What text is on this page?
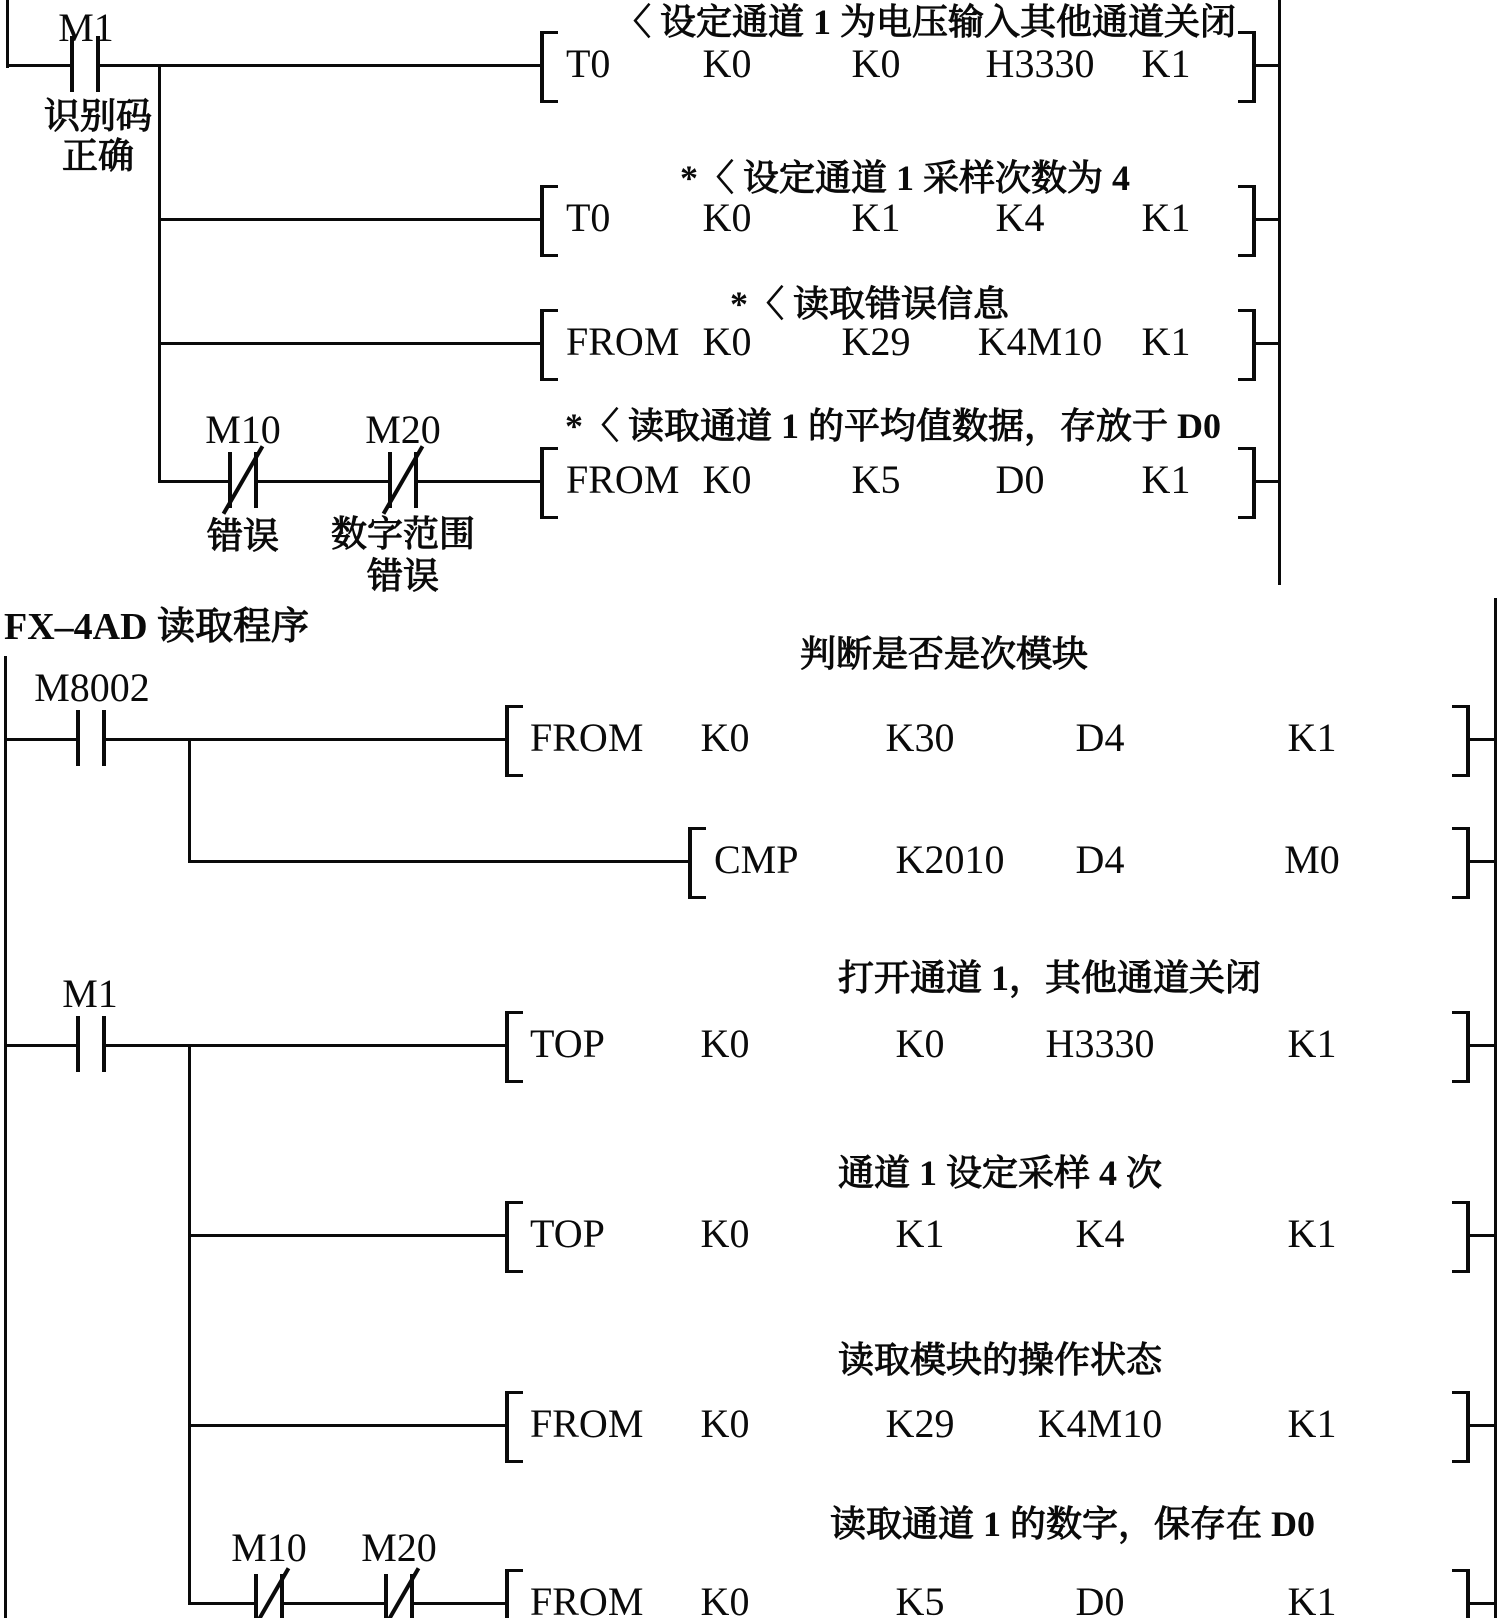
M1
识别码
正确
〈 设定通道 1 为电压输入其他通道关闭
T0 K0	K0 H3330 K1
*〈 设定通道 1 采样次数为 4
T0 K0	K1 K4 K1
*〈 读取错误信息
FROM K0 K29 K4M10 K1
M10
错误
M20
数字范围
错误
*〈 读取通道 1 的平均值数据，存放于 D0
FROM K0	K5 D0 K1
FX–4AD 读取程序
判断是否是次模块
M8002
FROM K0	K30	D4	K1
CMP K2010 D4	M0
打开通道 1，其他通道关闭
M1
TOP K0	K0	H3330	K1
通道 1 设定采样 4 次
TOP K0	K1	K4	K1
读取模块的操作状态
FROM K0	K29 K4M10	K1
读取通道 1 的数字，保存在 D0
M10 M20
FROM K0	K5	D0	K1
